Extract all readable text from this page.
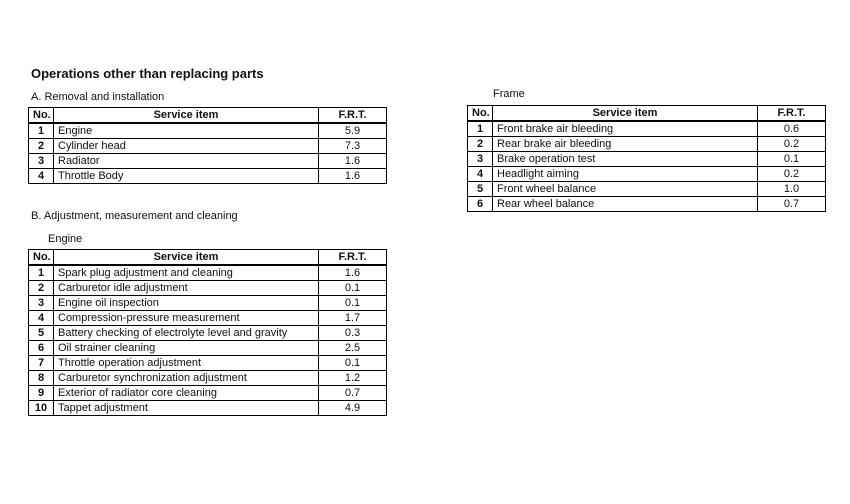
Operations other than replacing parts
A. Removal and installation
No.	Service item	F.R.T.
1	Engine	5.9
2	Cylinder head	7.3
3	Radiator	1.6
4	Throttle Body	1.6
B. Adjustment, measurement and cleaning
Engine
No.	Service item	F.R.T.
1	Spark plug adjustment and cleaning	1.6
2	Carburetor idle adjustment	0.1
3	Engine oil inspection	0.1
4	Compression-pressure measurement	1.7
5	Battery checking of electrolyte level and gravity	0.3
6	Oil strainer cleaning	2.5
7	Throttle operation adjustment	0.1
8	Carburetor synchronization adjustment	1.2
9	Exterior of radiator core cleaning	0.7
10	Tappet adjustment	4.9
Frame
No.	Service item	F.R.T.
1	Front brake air bleeding	0.6
2	Rear brake air bleeding	0.2
3	Brake operation test	0.1
4	Headlight aiming	0.2
5	Front wheel balance	1.0
6	Rear wheel balance	0.7
